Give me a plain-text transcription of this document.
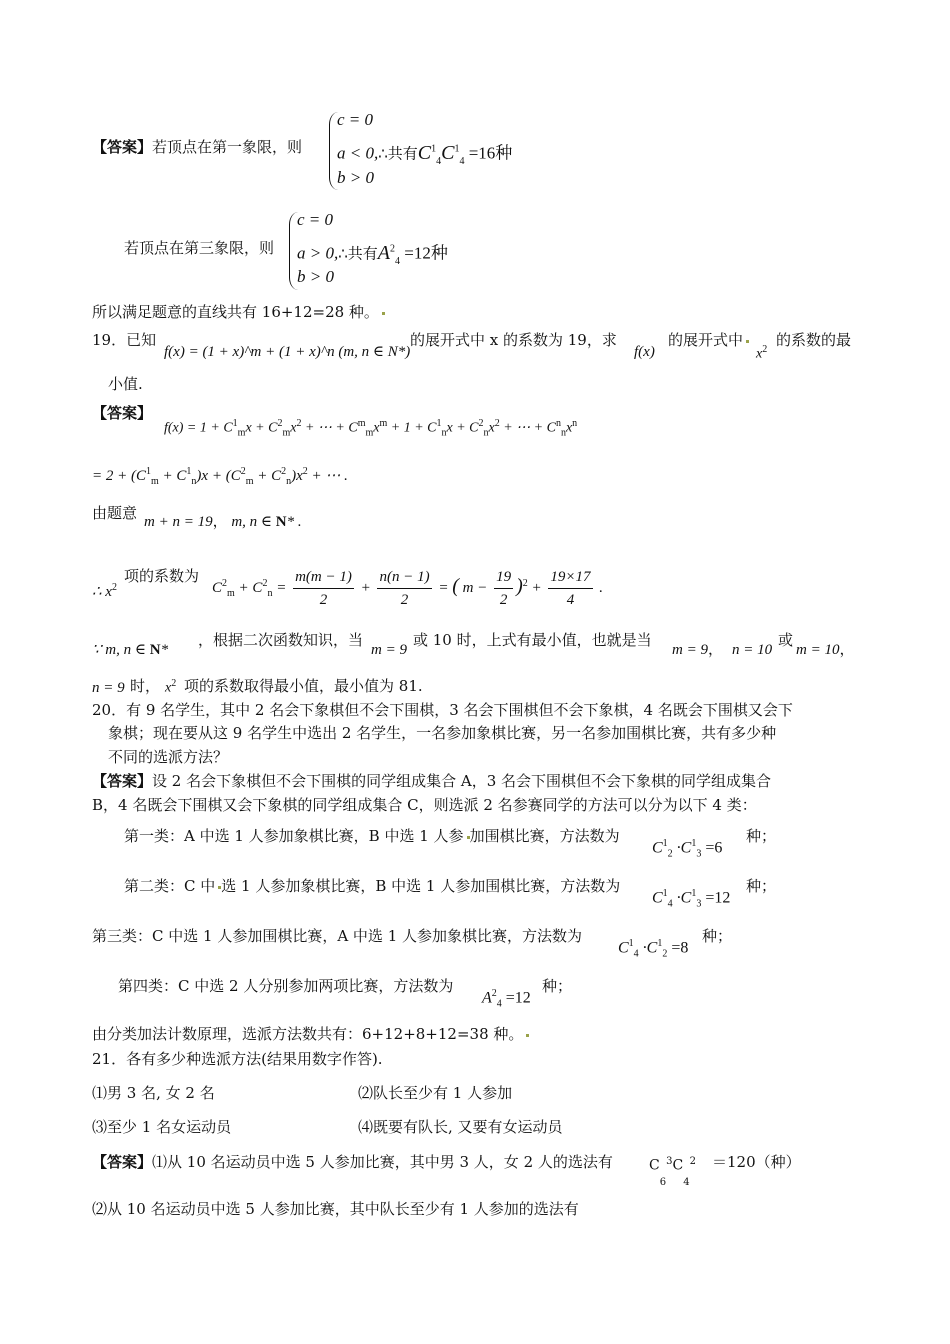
【答案】若顶点在第一象限，则
c = 0
a < 0,∴共有$C^1_4C^1_4 =16$种
b > 0
若顶点在第三象限，则
c = 0
a > 0,∴共有$A^2_4 =12$种
b > 0
所以满足题意的直线共有 16+12=28 种。
19．已知
f(x) = (1 + x)^m + (1 + x)^n (m, n ∈ N*)
的展开式中 x 的系数为 19，求
f(x)
的展开式中
$x^2$
的系数的最
小值.
【答案】
$f(x) = 1 + C^1_mx + C^2_mx^2$ + ⋯ + $C^m_mx^m + 1 + C^1_nx + C^2_nx^2$ + ⋯ + $C^n_nx^n$
= $2 + (C^1_m + C^1_n)x + (C^2_m + C^2_n)x^2$ + ⋯ .
由题意 m + n = 19， m, n ∈ N* .
∴ $x^2$
项的系数为
$C^2_m + C^2_n = \frac{m(m - 1)}{2} + \frac{n(n - 1)}{2}$ = ( $m - \frac{19}{2} )^2 + \frac{19\times 17}{4}$ .
∵ m, n ∈ N*
，根据二次函数知识，当
m = 9
或 10 时，上式有最小值，也就是当
m = 9， n = 10
或
m = 10，
n = 9 时， $x^2$ 项的系数取得最小值，最小值为 81.
20．有 9 名学生，其中 2 名会下象棋但不会下围棋，3 名会下围棋但不会下象棋，4 名既会下围棋又会下
象棋；现在要从这 9 名学生中选出 2 名学生，一名参加象棋比赛，另一名参加围棋比赛，共有多少种
不同的选派方法？
【答案】设 2 名会下象棋但不会下围棋的同学组成集合 A，3 名会下围棋但不会下象棋的同学组成集合
B，4 名既会下围棋又会下象棋的同学组成集合 C，则选派 2 名参赛同学的方法可以分为以下 4 类：
第一类：A 中选 1 人参加象棋比赛，B 中选 1 人参 加围棋比赛，方法数为
$C^1_2 \cdot C^1_3 =6$
种；
第二类：C 中 选 1 人参加象棋比赛，B 中选 1 人参加围棋比赛，方法数为
$C^1_4 \cdot C^1_3 =12$
种；
第三类：C 中选 1 人参加围棋比赛，A 中选 1 人参加象棋比赛，方法数为
$C^1_4 \cdot C^1_2 =8$
种；
第四类：C 中选 2 人分别参加两项比赛，方法数为
$A^2_4 =12$
种；
由分类加法计数原理，选派方法数共有：6+12+8+12=38 种。
21．各有多少种选派方法(结果用数字作答).
⑴男 3 名, 女 2 名	⑵队长至少有 1 人参加
⑶至少 1 名女运动员	⑷既要有队长, 又要有女运动员
【答案】⑴从 10 名运动员中选 5 人参加比赛，其中男 3 人，女 2 人的选法有	$C_6^3C_4^2 =120$（种）
⑵从 10 名运动员中选 5 人参加比赛，其中队长至少有 1 人参加的选法有
